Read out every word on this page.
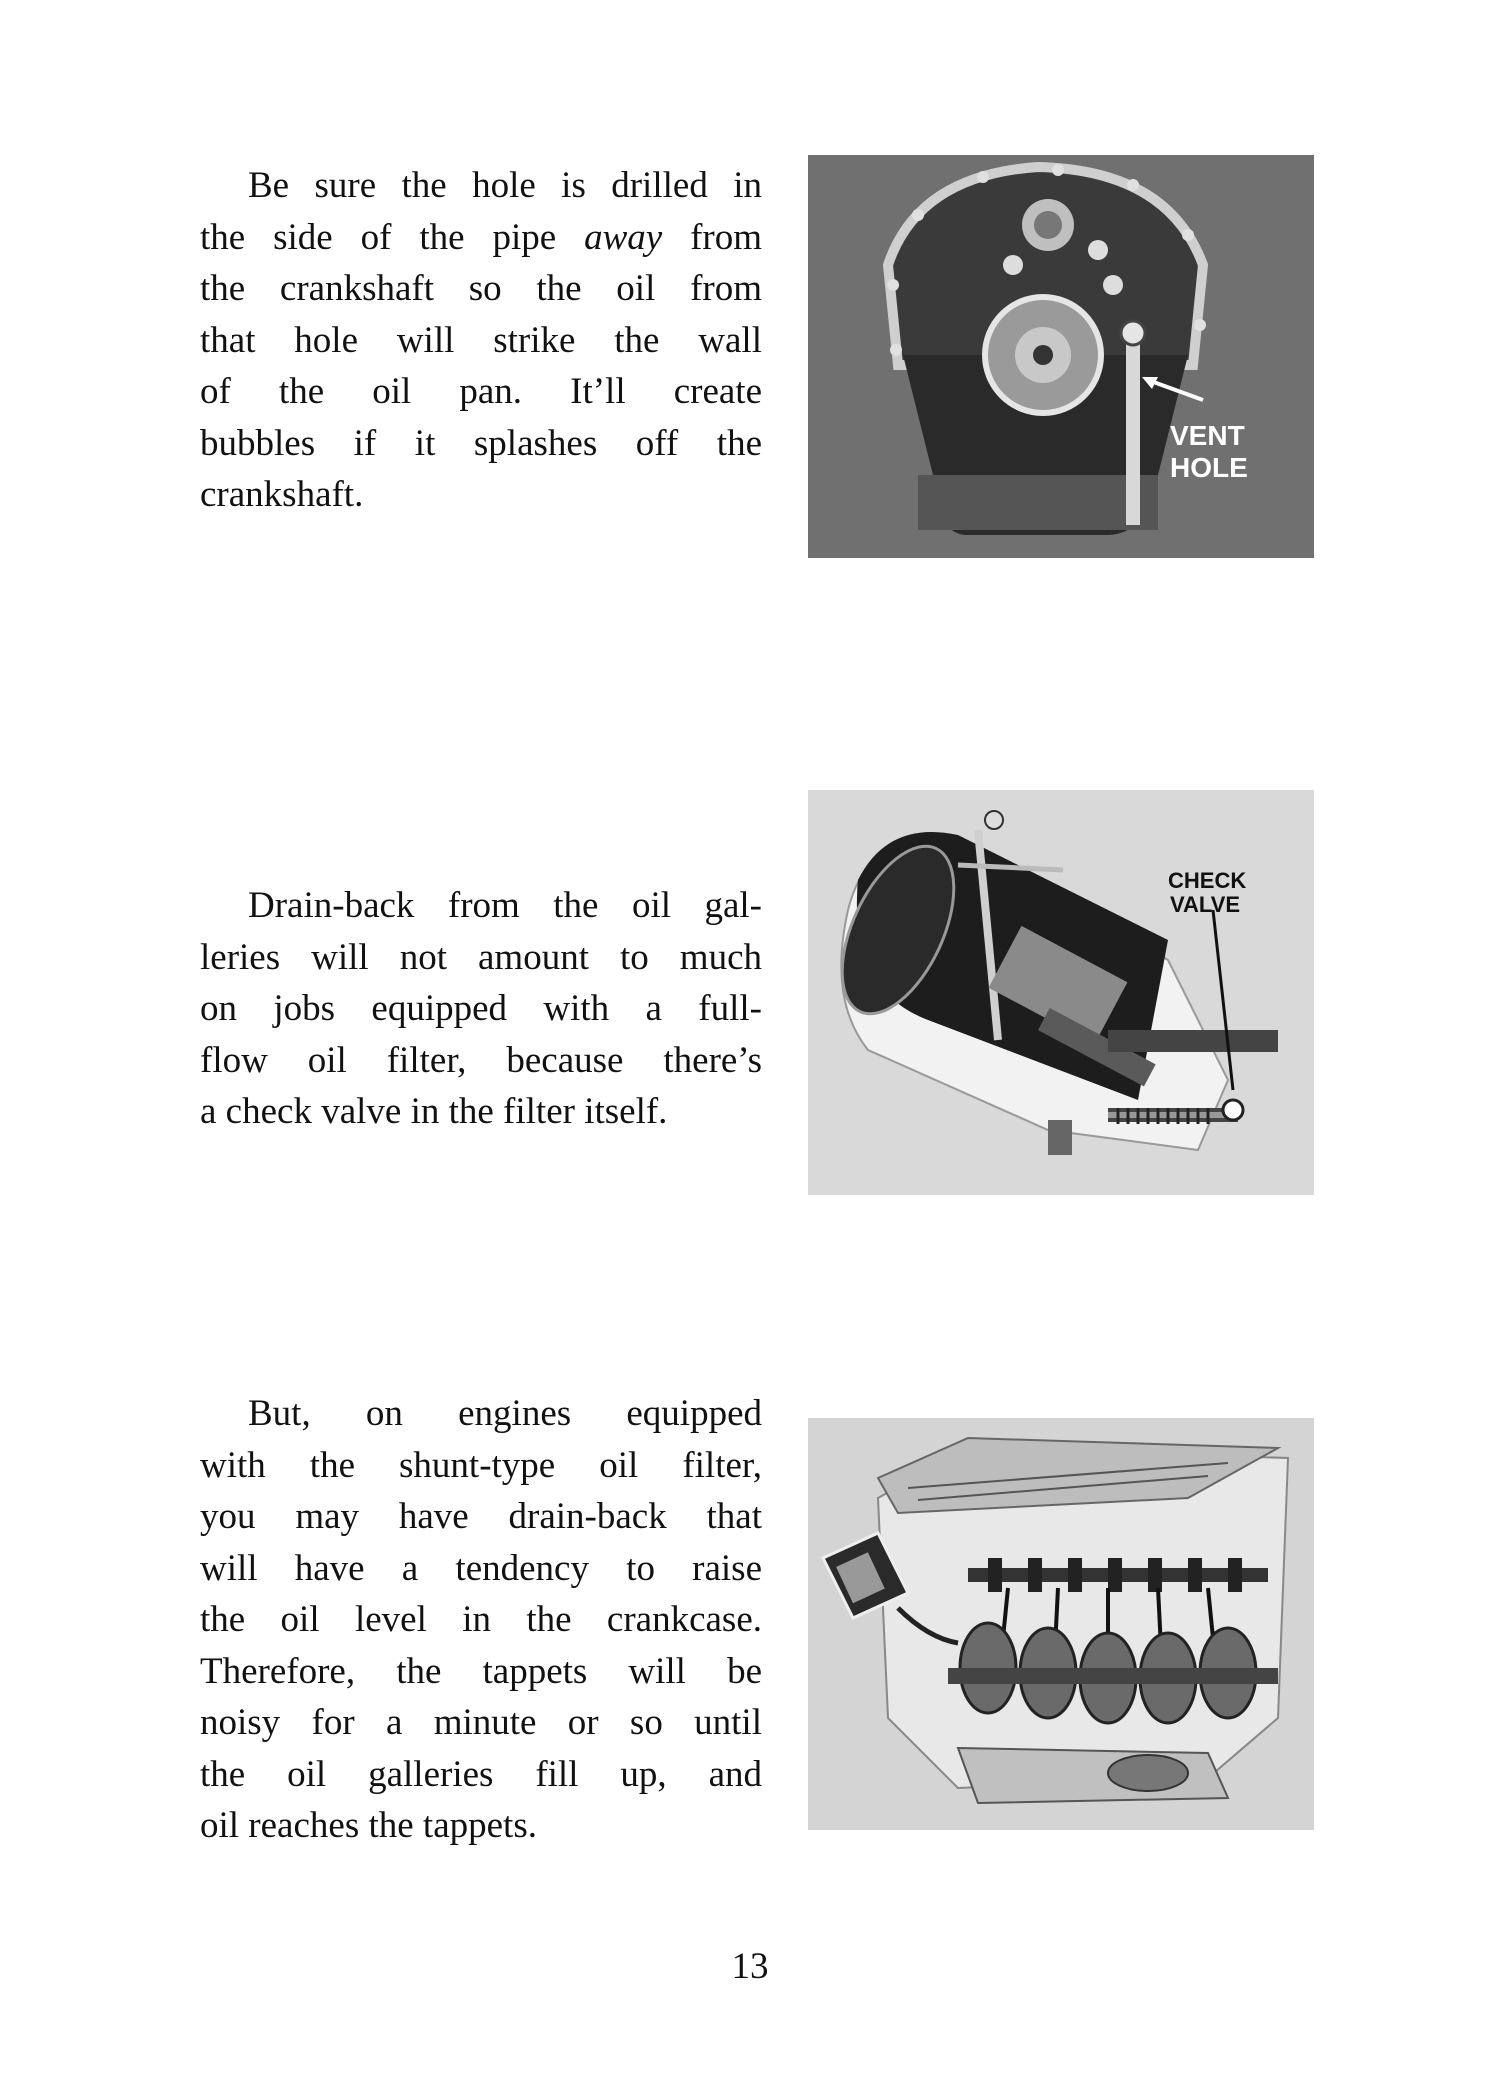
Be sure the hole is drilled in
the side of the pipe away from
the crankshaft so the oil from
that hole will strike the wall
of the oil pan. It’ll create
bubbles if it splashes off the
crankshaft.
VENT
HOLE
Drain-back from the oil gal-
leries will not amount to much
on jobs equipped with a full-
flow oil filter, because there’s
a check valve in the filter itself.
CHECK
VALVE
But, on engines equipped
with the shunt-type oil filter,
you may have drain-back that
will have a tendency to raise
the oil level in the crankcase.
Therefore, the tappets will be
noisy for a minute or so until
the oil galleries fill up, and
oil reaches the tappets.
13
